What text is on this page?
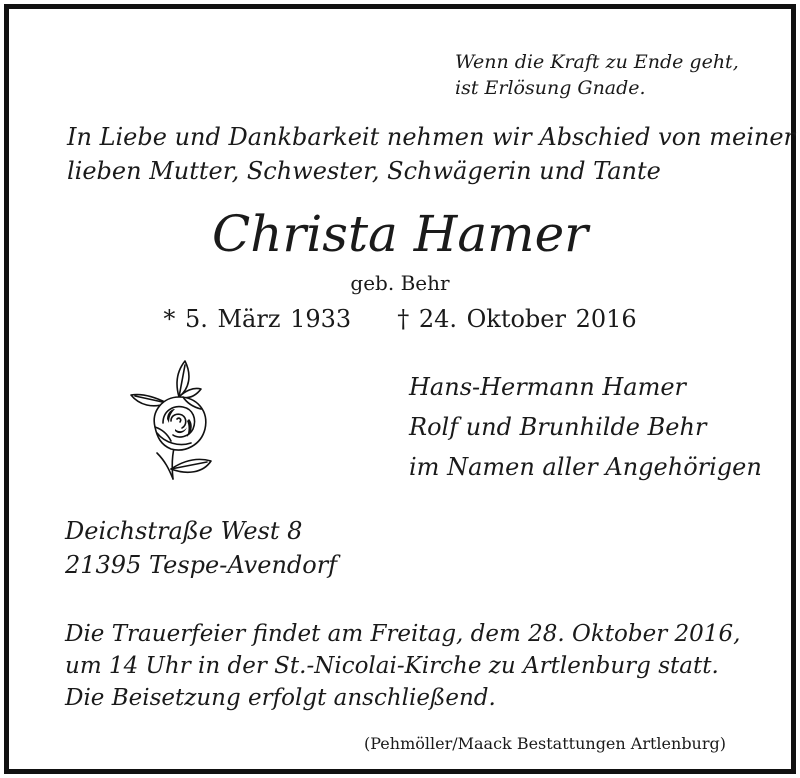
Wenn die Kraft zu Ende geht,

ist Erlösung Gnade.

In Liebe und Dankbarkeit nehmen wir Abschied von meiner

lieben Mutter, Schwester, Schwägerin und Tante

Christa Hamer

geb. Behr

* 5. März 1933 † 24. Oktober 2016

Hans-Hermann Hamer

Rolf und Brunhilde Behr

im Namen aller Angehörigen

Deichstraße West 8

21395 Tespe-Avendorf

Die Trauerfeier findet am Freitag, dem 28. Oktober 2016,

um 14 Uhr in der St.-Nicolai-Kirche zu Artlenburg statt.

Die Beisetzung erfolgt anschließend.

(Pehmöller/Maack Bestattungen Artlenburg)
